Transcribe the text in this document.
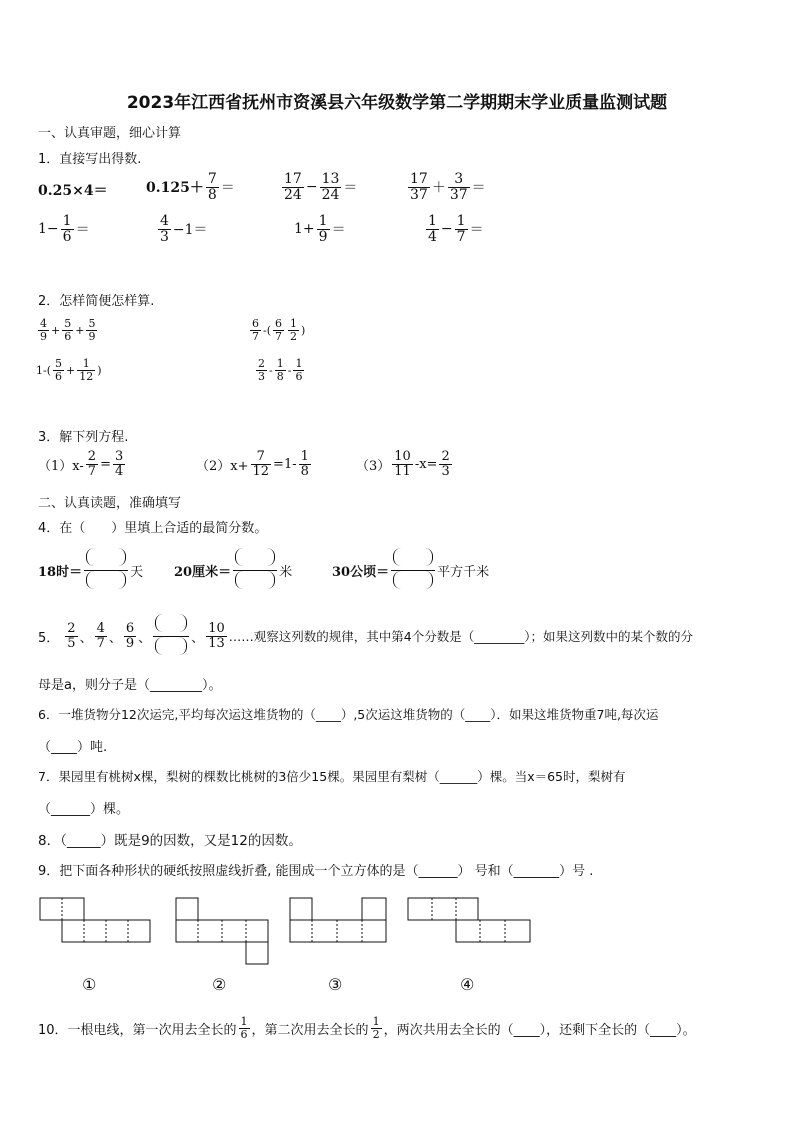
2023年江西省抚州市资溪县六年级数学第二学期期末学业质量监测试题
一、认真审题，细心计算
1．直接写出得数.
0.25×4＝	$0.125+ \frac{7}{8}$ ＝	$\frac{17}{24} - \frac{13}{24}$ ＝	$\frac{17}{37} + \frac{3}{37}$ ＝
$1- \frac{1}{6}$ ＝	$\frac{4}{3} -1=$	$1+ \frac{1}{9}$ ＝	$\frac{1}{4} - \frac{1}{7}$ ＝
2．怎样简便怎样算.
$\frac{4}{9} + \frac{5}{6} + \frac{5}{9}$	$\frac{6}{7}$ -( $\frac{6}{7} \frac{1}{2}$ )
$1-( \frac{5}{6} + \frac{1}{12}$ )	$\frac{2}{3} - \frac{1}{8} - \frac{1}{6}$
3．解下列方程.
$(1)x- \frac{2}{7} = \frac{3}{4}$	$(2)x+ \frac{7}{12} =1- \frac{1}{8}$	$(3) \frac{10}{11} -x= \frac{2}{3}$
二、认真读题，准确填写
4．在（　　）里填上合适的最简分数。
18时＝	天 20厘米＝	米	30公顷＝	平方千米
5． $\frac{2}{5}$ 、 $\frac{4}{7}$ 、 $\frac{6}{9}$ 、	、 $\frac{10}{13}$ ……观察这列数的规律，其中第4个分数是（________）；如果这列数中的某个数的分
母是a，则分子是（________）。
6．一堆货物分12次运完,平均每次运这堆货物的（____）,5次运这堆货物的（____）．如果这堆货物重7吨,每次运
（____）吨.
7．果园里有桃树x棵，梨树的棵数比桃树的3倍少15棵。果园里有梨树（______）棵。当x＝65时，梨树有
（______）棵。
8．（_____）既是9的因数，又是12的因数。
9．把下面各种形状的硬纸按照虚线折叠, 能围成一个立方体的是（______） 号和（_______）号 .
①	②	③	④
10．一根电线，第一次用去全长的 $\frac{1}{6}$ ，第二次用去全长的 $\frac{1}{2}$ ，两次共用去全长的（____），还剩下全长的（____）。
